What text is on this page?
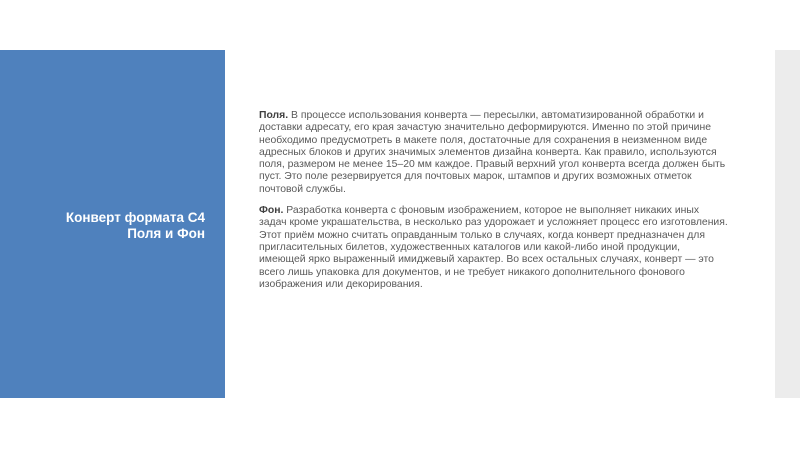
Конверт формата С4
Поля и Фон

Поля. В процессе использования конверта — пересылки, автоматизированной обработки и доставки адресату, его края зачастую значительно деформируются. Именно по этой причине необходимо предусмотреть в макете поля, достаточные для сохранения в неизменном виде адресных блоков и других значимых элементов дизайна конверта. Как правило, используются поля, размером не менее 15–20 мм каждое. Правый верхний угол конверта всегда должен быть пуст. Это поле резервируется для почтовых марок, штампов и других возможных отметок почтовой службы.

Фон. Разработка конверта с фоновым изображением, которое не выполняет никаких иных задач кроме украшательства, в несколько раз удорожает и усложняет процесс его изготовления. Этот приём можно считать оправданным только в случаях, когда конверт предназначен для пригласительных билетов, художественных каталогов или какой-либо иной продукции, имеющей ярко выраженный имиджевый характер. Во всех остальных случаях, конверт — это всего лишь упаковка для документов, и не требует никакого дополнительного фонового изображения или декорирования.
